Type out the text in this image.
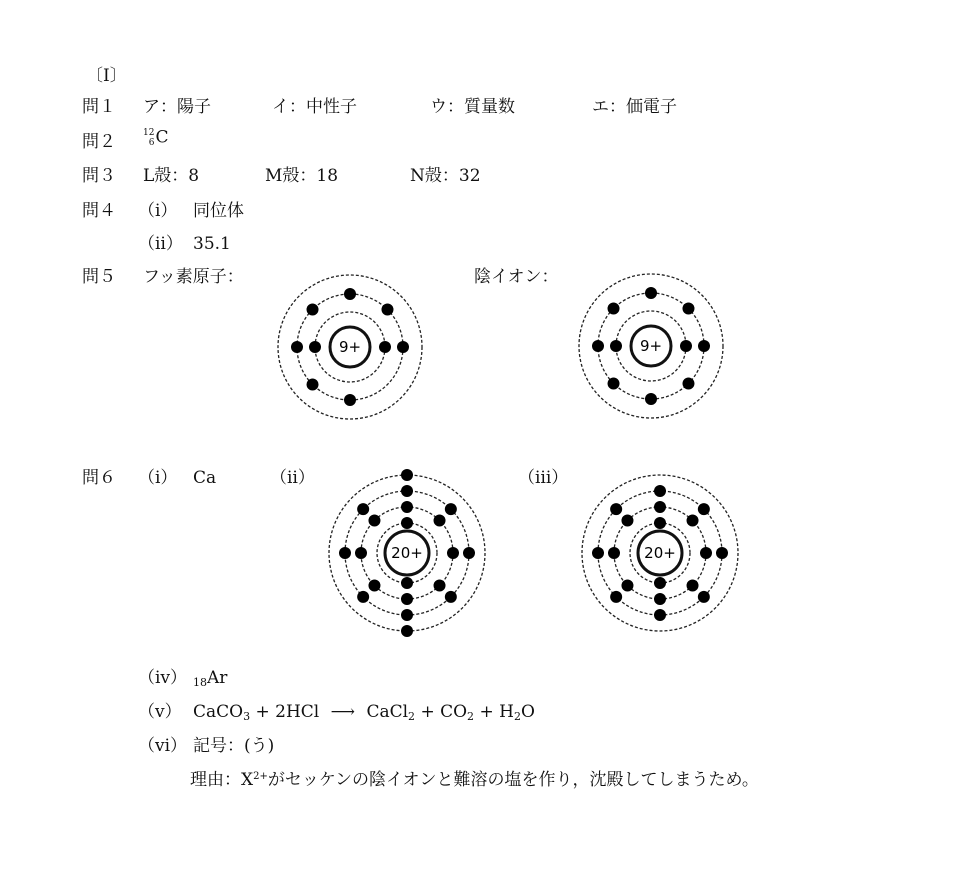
〔Ⅰ〕
問１ ア：陽子	イ：中性子	ウ：質量数	エ：価電子
問２	12
6 C
問３ L殻：8	M殻：18	N殻：32
問４ （ⅰ） 同位体
（ⅱ） 35.1
問５ フッ素原子：	陰イオン：
9+	9+
問６ （ⅰ） Ca	（ⅱ）	（ⅲ）
20+	20+
（ⅳ） $_{18}$Ar
（ⅴ） CaCO$_3$ + 2HCl ⟶ CaCl$_2$ + $CO_2 + H_2O$
（ⅵ） 記号：(う)
理由：$X^{2+}$がセッケンの陰イオンと難溶の塩を作り，沈殿してしまうため。
